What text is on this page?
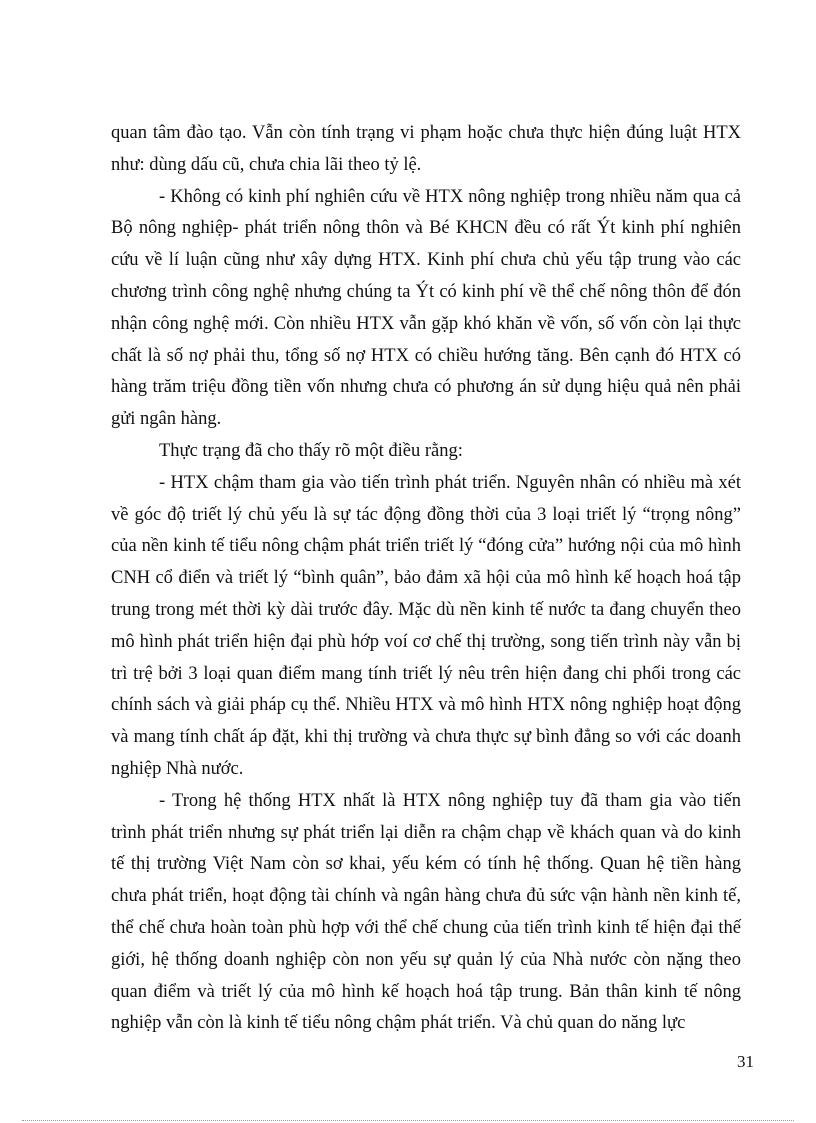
quan tâm đào tạo. Vẫn còn tính trạng vi phạm hoặc chưa thực hiện đúng luật HTX như: dùng dấu cũ, chưa chia lãi theo tỷ lệ.

- Không có kinh phí nghiên cứu về HTX nông nghiệp trong nhiều năm qua cả Bộ nông nghiệp- phát triển nông thôn và Bé KHCN đều có rất Ýt kinh phí nghiên cứu về lí luận cũng như xây dựng HTX. Kinh phí chưa chủ yếu tập trung vào các chương trình công nghệ nhưng chúng ta Ýt có kinh phí về thể chế nông thôn để đón nhận công nghệ mới. Còn nhiều HTX vẫn gặp khó khăn về vốn, số vốn còn lại thực chất là số nợ phải thu, tổng số nợ HTX có chiều hướng tăng. Bên cạnh đó HTX có hàng trăm triệu đồng tiền vốn nhưng chưa có phương án sử dụng hiệu quả nên phải gửi ngân hàng.

Thực trạng đã cho thấy rõ một điều rằng:

- HTX chậm tham gia vào tiến trình phát triển. Nguyên nhân có nhiều mà xét về góc độ triết lý chủ yếu là sự tác động đồng thời của 3 loại triết lý “trọng nông” của nền kinh tế tiểu nông chậm phát triển triết lý “đóng cửa” hướng nội của mô hình CNH cổ điển và triết lý “bình quân”, bảo đảm xã hội của mô hình kế hoạch hoá tập trung trong mét thời kỳ dài trước đây. Mặc dù nền kinh tế nước ta đang chuyển theo mô hình phát triển hiện đại phù hớp voí cơ chế thị trường, song tiến trình này vẫn bị trì trệ bởi 3 loại quan điểm mang tính triết lý nêu trên hiện đang chi phối trong các chính sách và giải pháp cụ thể. Nhiều HTX và mô hình HTX nông nghiệp hoạt động và mang tính chất áp đặt, khi thị trường và chưa thực sự bình đẳng so với các doanh nghiệp Nhà nước.

- Trong hệ thống HTX nhất là HTX nông nghiệp tuy đã tham gia vào tiến trình phát triển nhưng sự phát triển lại diễn ra chậm chạp về khách quan và do kinh tế thị trường Việt Nam còn sơ khai, yếu kém có tính hệ thống. Quan hệ tiền hàng chưa phát triển, hoạt động tài chính và ngân hàng chưa đủ sức vận hành nền kinh tế, thể chế chưa hoàn toàn phù hợp với thể chế chung của tiến trình kinh tế hiện đại thế giới, hệ thống doanh nghiệp còn non yếu sự quản lý của Nhà nước còn nặng theo quan điểm và triết lý của mô hình kế hoạch hoá tập trung. Bản thân kinh tế nông nghiệp vẫn còn là kinh tế tiểu nông chậm phát triển. Và chủ quan do năng lực

31
